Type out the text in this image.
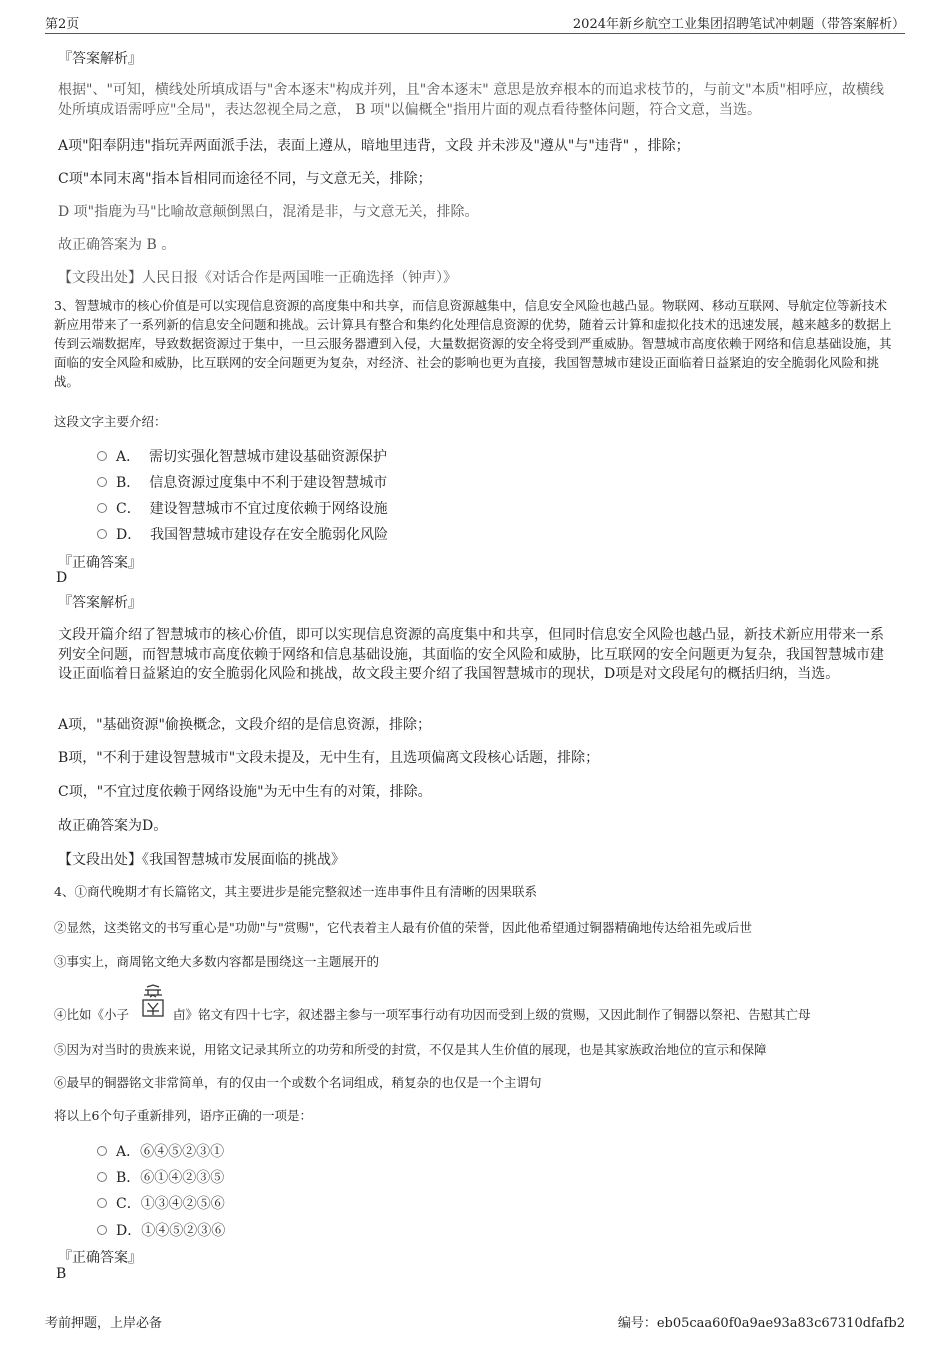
第2页	2024年新乡航空工业集团招聘笔试冲刺题（带答案解析）
『答案解析』
根据"、"可知，横线处所填成语与"舍本逐末"构成并列，且"舍本逐末" 意思是放弃根本的而追求枝节的，与前文"本质"相呼应，故横线处所填成语需呼应"全局"，表达忽视全局之意， B 项"以偏概全"指用片面的观点看待整体问题，符合文意，当选。
A项"阳奉阴违"指玩弄两面派手法，表面上遵从，暗地里违背，文段 并未涉及"遵从"与"违背" ，排除；
C项"本同末离"指本旨相同而途径不同，与文意无关，排除；
D 项"指鹿为马"比喻故意颠倒黑白，混淆是非，与文意无关，排除。
故正确答案为 B 。
【文段出处】人民日报《对话合作是两国唯一正确选择（钟声）》
3、智慧城市的核心价值是可以实现信息资源的高度集中和共享，而信息资源越集中，信息安全风险也越凸显。物联网、移动互联网、导航定位等新技术新应用带来了一系列新的信息安全问题和挑战。云计算具有整合和集约化处理信息资源的优势，随着云计算和虚拟化技术的迅速发展，越来越多的数据上传到云端数据库，导致数据资源过于集中，一旦云服务器遭到入侵，大量数据资源的安全将受到严重威胁。智慧城市高度依赖于网络和信息基础设施，其面临的安全风险和威胁，比互联网的安全问题更为复杂，对经济、社会的影响也更为直接，我国智慧城市建设正面临着日益紧迫的安全脆弱化风险和挑战。
这段文字主要介绍：
A． 需切实强化智慧城市建设基础资源保护
B． 信息资源过度集中不利于建设智慧城市
C． 建设智慧城市不宜过度依赖于网络设施
D． 我国智慧城市建设存在安全脆弱化风险
『正确答案』
D
『答案解析』
文段开篇介绍了智慧城市的核心价值，即可以实现信息资源的高度集中和共享，但同时信息安全风险也越凸显，新技术新应用带来一系列安全问题，而智慧城市高度依赖于网络和信息基础设施，其面临的安全风险和威胁，比互联网的安全问题更为复杂，我国智慧城市建设正面临着日益紧迫的安全脆弱化风险和挑战，故文段主要介绍了我国智慧城市的现状，D项是对文段尾句的概括归纳，当选。
A项，"基础资源"偷换概念，文段介绍的是信息资源，排除；
B项，"不利于建设智慧城市"文段未提及，无中生有，且选项偏离文段核心话题，排除；
C项，"不宜过度依赖于网络设施"为无中生有的对策，排除。
故正确答案为D。
【文段出处】《我国智慧城市发展面临的挑战》
4、①商代晚期才有长篇铭文，其主要进步是能完整叙述一连串事件且有清晰的因果联系
②显然，这类铭文的书写重心是"功勋"与"赏赐"，它代表着主人最有价值的荣誉，因此他希望通过铜器精确地传达给祖先或后世
③事实上，商周铭文绝大多数内容都是围绕这一主题展开的
④比如《小子	卣》铭文有四十七字，叙述器主参与一项军事行动有功因而受到上级的赏赐，又因此制作了铜器以祭祀、告慰其亡母
⑤因为对当时的贵族来说，用铭文记录其所立的功劳和所受的封赏，不仅是其人生价值的展现，也是其家族政治地位的宣示和保障
⑥最早的铜器铭文非常简单，有的仅由一个或数个名词组成，稍复杂的也仅是一个主谓句
将以上6个句子重新排列，语序正确的一项是：
A．⑥④⑤②③①
B．⑥①④②③⑤
C．①③④②⑤⑥
D．①④⑤②③⑥
『正确答案』
B
考前押题，上岸必备	编号：eb05caa60f0a9ae93a83c67310dfafb2
